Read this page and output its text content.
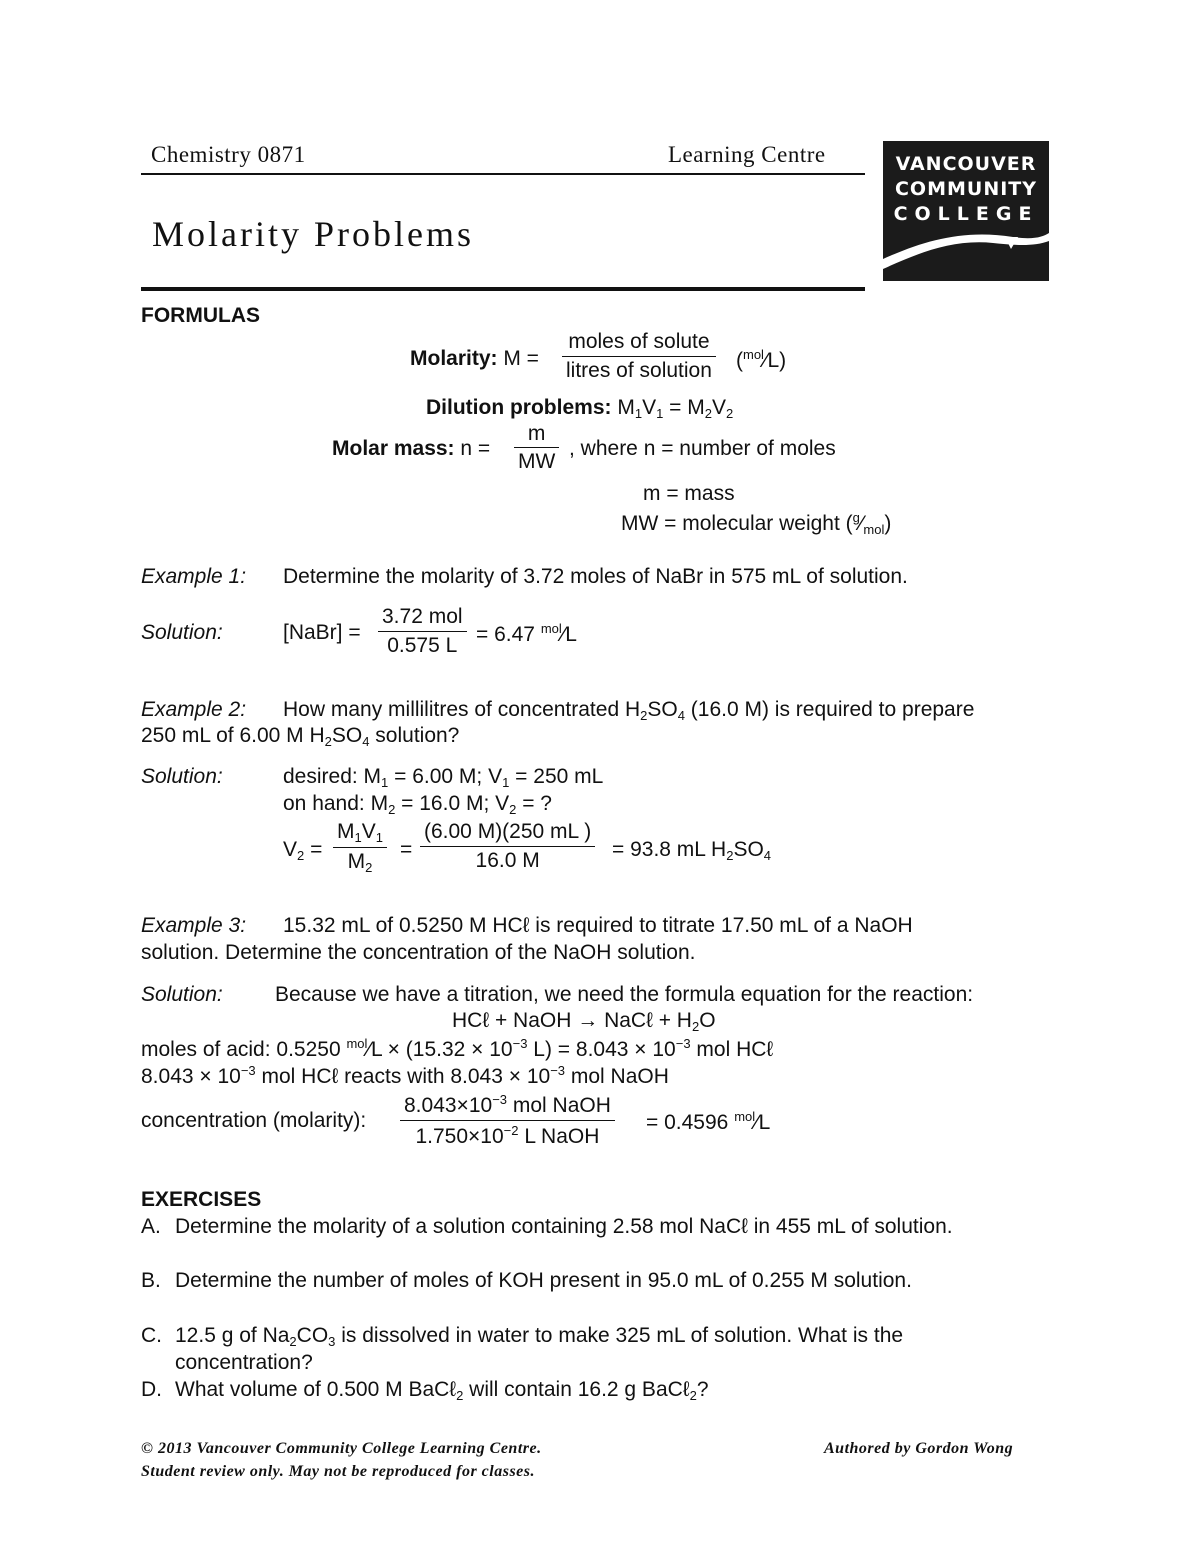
Chemistry 0871	Learning Centre
Molarity Problems
VANCOUVER
COMMUNITY
COLLEGE
FORMULAS
Molarity: M =
moles of solute
litres of solution ($^{mol}$⁄L)
Dilution problems: $M_1V_1 = M_2V_2$
Molar mass: $n = \frac{m}{MW}$ , where n = number of moles
m = mass
MW = molecular weight $(^g⁄_{mol})$
Example 1: Determine the molarity of 3.72 moles of NaBr in 575 mL of solution.
Solution:	[NaBr] =
3.72 mol
0.575 L = 6.47 $^{mol}$⁄L
Example 2: How many millilitres of concentrated $H_2SO_4$ (16.0 M) is required to prepare
250 mL of 6.00 M $H_2SO_4$ solution?
Solution:	desired: $M_1 = 6.00$ M; $V_1 = 250$ mL
on hand: $M_2 = 16.0$ M; $V_2$ = ?
$V_2 = \frac{M_1V_1}{M_2} = \frac{(6.00 M)(250 mL )}{16.0 M} = 93.8$ mL $H_2SO_4$
Example 3: 15.32 mL of 0.5250 M HCℓ is required to titrate 17.50 mL of a NaOH
solution. Determine the concentration of the NaOH solution.
Solution: Because we have a titration, we need the formula equation for the reaction:
HCℓ + NaOH → NaCℓ + $H_2O$
moles of acid: 0.5250 $^{mol}$⁄L × ($15.32 \times 10^{-3}$ $L) = 8.043 \times 10^{-3}$ mol HCℓ
$8.043 \times 10^{-3}$ mol HCℓ reacts with $8.043 \times 10^{-3}$ mol NaOH
concentration (molarity):
$8.043\times 10^{-3}$ mol NaOH
$1.750\times 10^{-2}$ L NaOH
= 0.4596 $^{mol}$⁄L
EXERCISES
A. Determine the molarity of a solution containing 2.58 mol NaCℓ in 455 mL of solution.
B. Determine the number of moles of KOH present in 95.0 mL of 0.255 M solution.
C. 12.5 g of $Na_2CO_3$ is dissolved in water to make 325 mL of solution. What is the
concentration?
D. What volume of 0.500 M BaCℓ$_2$ will contain 16.2 g BaCℓ$_2$?
© 2013 Vancouver Community College Learning Centre.
Student review only. May not be reproduced for classes.
Authored by Gordon Wong
